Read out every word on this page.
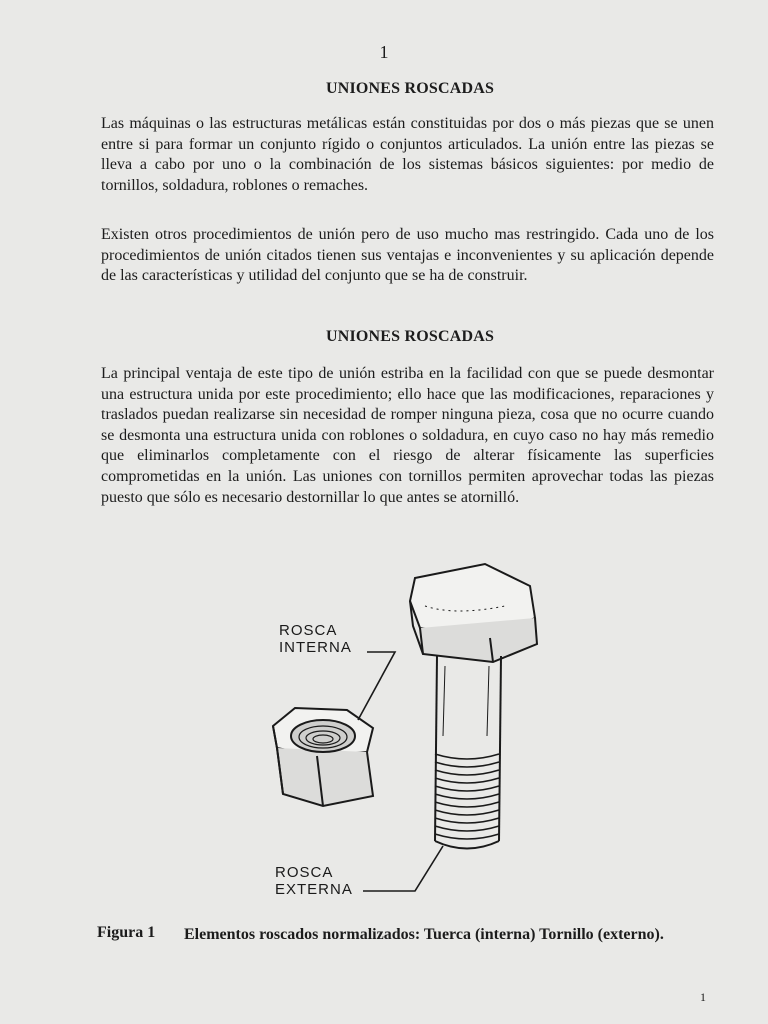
1
UNIONES ROSCADAS
Las máquinas o las estructuras metálicas están constituidas por dos o más piezas que se unen entre si para formar un conjunto rígido o conjuntos articulados. La unión entre las piezas se lleva a cabo por uno o la combinación de los sistemas básicos siguientes: por medio de tornillos, soldadura, roblones o remaches.
Existen otros procedimientos de unión pero de uso mucho mas restringido. Cada uno de los procedimientos de unión citados tienen sus ventajas e inconvenientes y su aplicación depende de las características y utilidad del conjunto que se ha de construir.
UNIONES ROSCADAS
La principal ventaja de este tipo de unión estriba en la facilidad con que se puede desmontar una estructura unida por este procedimiento; ello hace que las modificaciones, reparaciones y traslados puedan realizarse sin necesidad de romper ninguna pieza, cosa que no ocurre cuando se desmonta una estructura unida con roblones o soldadura, en cuyo caso no hay más remedio que eliminarlos completamente con el riesgo de alterar físicamente las superficies comprometidas en la unión. Las uniones con tornillos permiten aprovechar todas las piezas puesto que sólo es necesario destornillar lo que antes se atornilló.
ROSCA
INTERNA
ROSCA
EXTERNA
Figura 1 Elementos roscados normalizados: Tuerca (interna) Tornillo (externo).
1
